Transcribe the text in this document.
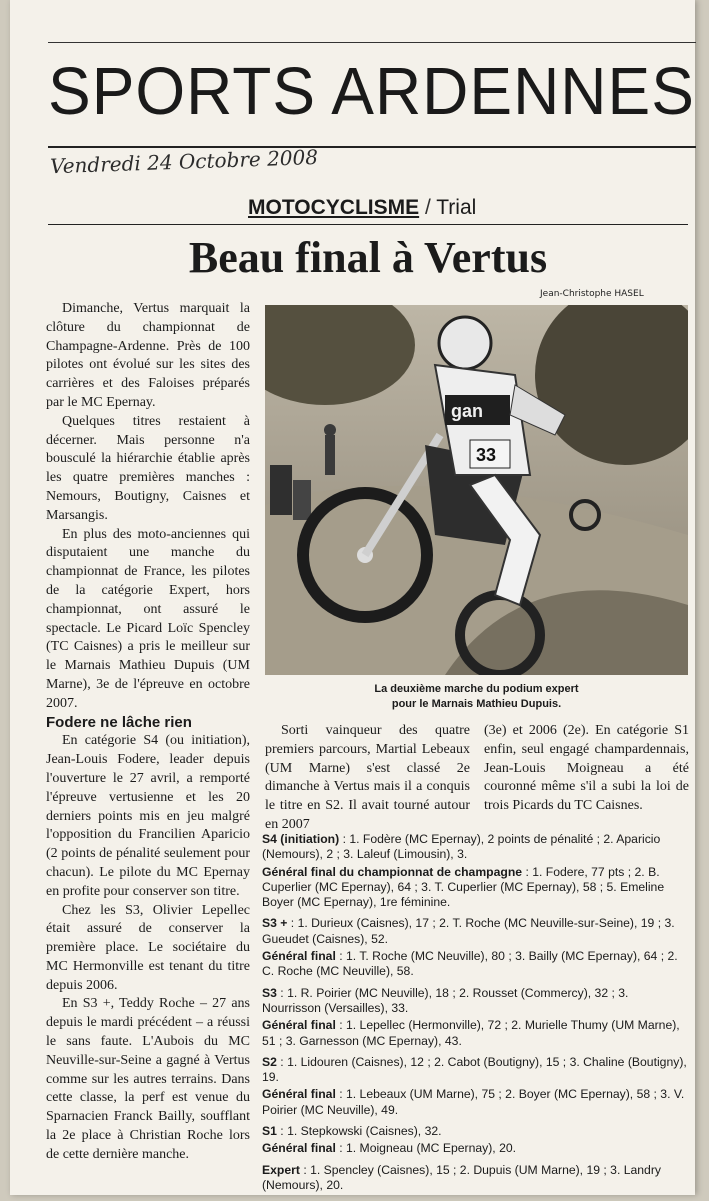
SPORTS ARDENNES
Vendredi 24 Octobre 2008
MOTOCYCLISME / Trial
Beau final à Vertus
Jean-Christophe HASEL

Dimanche, Vertus marquait la clôture du championnat de Champagne-Ardenne. Près de 100 pilotes ont évolué sur les sites des carrières et des Faloises préparés par le MC Epernay.

Quelques titres restaient à décerner. Mais personne n'a bousculé la hiérarchie établie après les quatre premières manches : Nemours, Boutigny, Caisnes et Marsangis.

En plus des moto-anciennes qui disputaient une manche du championnat de France, les pilotes de la catégorie Expert, hors championnat, ont assuré le spectacle. Le Picard Loïc Spencley (TC Caisnes) a pris le meilleur sur le Marnais Mathieu Dupuis (UM Marne), 3e de l'épreuve en octobre 2007.

Fodere ne lâche rien

En catégorie S4 (ou initiation), Jean-Louis Fodere, leader depuis l'ouverture le 27 avril, a remporté l'épreuve vertusienne et les 20 derniers points mis en jeu malgré l'opposition du Francilien Aparicio (2 points de pénalité seulement pour chacun). Le pilote du MC Epernay en profite pour conserver son titre.

Chez les S3, Olivier Lepellec était assuré de conserver la première place. Le sociétaire du MC Hermonville est tenant du titre depuis 2006.

En S3 +, Teddy Roche – 27 ans depuis le mardi précédent – a réussi le sans faute. L'Aubois du MC Neuville-sur-Seine a gagné à Vertus comme sur les autres terrains. Dans cette classe, la perf est venue du Sparnacien Franck Bailly, soufflant la 2e place à Christian Roche lors de cette dernière manche.

gan
33
La deuxième marche du podium expert
pour le Marnais Mathieu Dupuis.

Sorti vainqueur des quatre premiers parcours, Martial Lebeaux (UM Marne) s'est classé 2e dimanche à Vertus mais il a conquis le titre en S2. Il avait tourné autour en 2007

(3e) et 2006 (2e). En catégorie S1 enfin, seul engagé champardennais, Jean-Louis Moigneau a été couronné même s'il a subi la loi de trois Picards du TC Caisnes.

S4 (initiation) : 1. Fodère (MC Epernay), 2 points de pénalité ; 2. Aparicio (Nemours), 2 ; 3. Laleuf (Limousin), 3.
Général final du championnat de champagne : 1. Fodere, 77 pts ; 2. B. Cuperlier (MC Epernay), 64 ; 3. T. Cuperlier (MC Epernay), 58 ; 5. Emeline Boyer (MC Epernay), 1re féminine.
S3 + : 1. Durieux (Caisnes), 17 ; 2. T. Roche (MC Neuville-sur-Seine), 19 ; 3. Gueudet (Caisnes), 52.
Général final : 1. T. Roche (MC Neuville), 80 ; 3. Bailly (MC Epernay), 64 ; 2. C. Roche (MC Neuville), 58.
S3 : 1. R. Poirier (MC Neuville), 18 ; 2. Rousset (Commercy), 32 ; 3. Nourrisson (Versailles), 33.
Général final : 1. Lepellec (Hermonville), 72 ; 2. Murielle Thumy (UM Marne), 51 ; 3. Garnesson (MC Epernay), 43.
S2 : 1. Lidouren (Caisnes), 12 ; 2. Cabot (Boutigny), 15 ; 3. Chaline (Boutigny), 19.
Général final : 1. Lebeaux (UM Marne), 75 ; 2. Boyer (MC Epernay), 58 ; 3. V. Poirier (MC Neuville), 49.
S1 : 1. Stepkowski (Caisnes), 32.
Général final : 1. Moigneau (MC Epernay), 20.
Expert : 1. Spencley (Caisnes), 15 ; 2. Dupuis (UM Marne), 19 ; 3. Landry (Nemours), 20.
